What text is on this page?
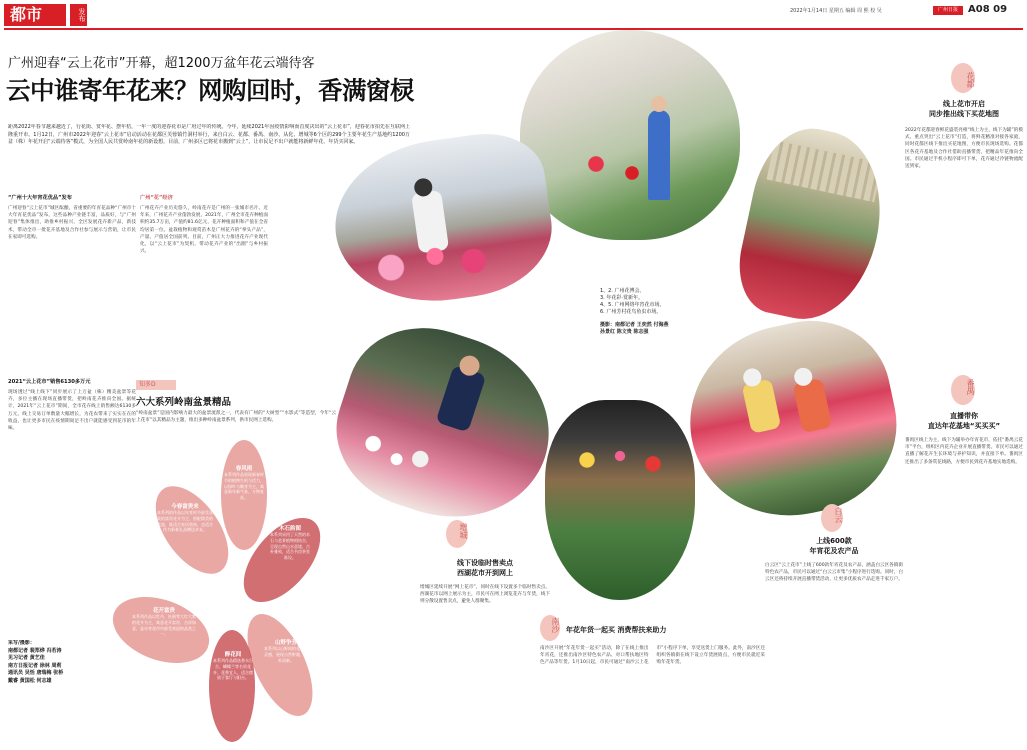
都市	发布	2022年1月14日 星期五 编辑 周 熙 校 吴	广州日报	A08 09
广州迎春“云上花市”开幕，超1200万盆年花云端待客
云中谁寄年花来？网购回时，香满窗棂
距离2022年春节越来越近了，行花街、赏年花、摆年桔，一年一度的迎春花市是广府过年的传统。今年，延续2021年因疫情影响而首度决出的“云上花市”，迎春花市拍先在互联网上隆重开市。1月12日，广州市2022年迎春“云上花市”启动活动在花都区芙蓉镇竹洞村举行，来自白云、花都、番禺、南沙、从化、增城等6个区的299个主要年花生产基地约1200万盆（株）年花开启“云端待客”模式，为全国人民共赏岭南年花的新设想。目前，广州多区已将花市搬到“云上”，让市民足不出户就能将新鲜年花、年货买回家。
“广州十大年宵花优品”发布
广州迎春“云上花市”城区酝酿，省重要的年宵花品种“广州市十大年宵花优品”发布，这些品种产业链丰富，品质好，与“广州迎春”集体推出，助推乡村振兴，全区发展花卉新产品，新技术，带动全市一批花卉基地及合作社参与展示与营销，让市民在家即可选购。
2021“云上花市”销售6130多万元
现场透过“线上线下”同步展示了上万盆（株）精美盆景等花卉，多位主播在现场直播带货，把岭南花卉推向全国。据统计，2021年“云上花市”期间，全市花卉线上销售额达6130多万元，线上交易订单数量大幅增长，为花农带来了实实在在的收益，也让更多市民在疫情期间足不出户就能感受到花市的年味。
采写/摄影：
南都记者 裴郑烨 冯若涛
见习记者 黄艺佳
南方日报记者 徐林 周莉
通讯员 吴恬 唐瑞梅 张桥
戴睿 黄国松 何志雄
广州“花”经济
广州花卉产业历史悠久，岭南花卉是广州的一张城市名片。近年来，广州花卉产业蓬勃发展，2021年，广州全市花卉种植面积约35.7万亩，产值约81.6亿元，花卉种植面积和产值在全省均居第一位。盆栽植物和观赏苗木是广州花卉的“拳头产品”，产量、产值居全国前列。目前，广州正大力推进花卉产业现代化，以“云上花市”为契机，带动花卉产业的“出圈”与乡村振兴。
知多D
六大系列岭南盆景精品
“岭南盆景”是国内影响力最大的盆景流派之一，代表有广州的“大树型”“水影式”等造型，今年“云上花市”以其精品为主题，推出多种岭南盆景系列，供市民网上选购。
春风雨
本系列作品展现新春时节的植物生机与活力，以绿叶与嫩芽为主，寓意新年新气象，万物复苏。
今春富贵来
本系列的作品以年宵时节最受喜爱的富贵花卉为主，搭配精美的盆器，既适合家居装饰，也适合作为新春礼品赠送亲友。	木石韵图
本系列采用了天然的木石与盆景植物相结合，呈现自然山水意境，古朴雅致，适合书房茶室陈设。
花开富贵
本系列作品以牡丹、杜鹃等大红大紫的花卉为主，寓意花开富贵、吉祥如意，是年宵花市中最受欢迎的品类之一。
山野争芳
本系列以山野间的花草为灵感，展现自然野趣，质朴清新。
醉花间
本系列作品精选香水百合、蝴蝶兰等名贵花卉，花香宜人，适合摆放于客厅与阳台。
1、2. 广州花博会。
3. 年花彩·赏新年。
4、5. 广州网络年宵花市场。
6. 广州芳村花鸟鱼虫市场。
摄影：南都记者 王奕然 付海燕
孙景红 陈文贵 陈志强
花都
线上花市开启
同步推出线下买花地图
2022年花都迎春鲜花盛装亮相“线上为主，线下为辅”的模式，重点突出“云上花市”打造，将鲜花精准对接各家庭，同时花都区线下推出买花地图，方便市民现场选购。花都区各花卉基地及合作社借助直播带货，把精品年花推向全国。市民通过手机小程序即可下单，花卉通过冷链物流配送到家。
番禺
直播带你
直达年花基地“买买买”
番禺区线上为主，线下为辅举办年宵花市，依托“番禺云花市”平台，组织区内花卉企业开展直播带货。市民可以通过直播了解花卉生长环境与养护知识，并直接下单。番禺区还推出了多条赏花线路，方便市民到花卉基地实地选购。
白云
上线600款
年宵花及农产品
白云区“云上花市”上线了600款年宵花及农产品，涵盖白云区各镇街特色农产品，市民可以通过“白云云市集”小程序进行选购。同时，白云区还将持续开展直播带货活动，让更多优质农产品走进千家万户。
增城
线下设临时售卖点
西湖花市开到网上
增城区延续开展“网上花市”，同时在线下设置多个临时售卖点。西湖花市以网上展示为主，市民可在网上浏览花卉与年货，线下则分散设置售卖点，避免人群聚集。
南沙 年花年货一起买 消费帮扶来助力
南沙区开展“年花年货一起买”活动，除了在线上推出年宵花，还推出南沙区特色农产品、对口帮扶地区特色产品等年货。1月10日起，市民可通过“南沙云上花市”小程序下单，享受送货上门服务。此外，南沙区还组织各镇街在线下设立年货展销点，方便市民就近采购年花年货。
